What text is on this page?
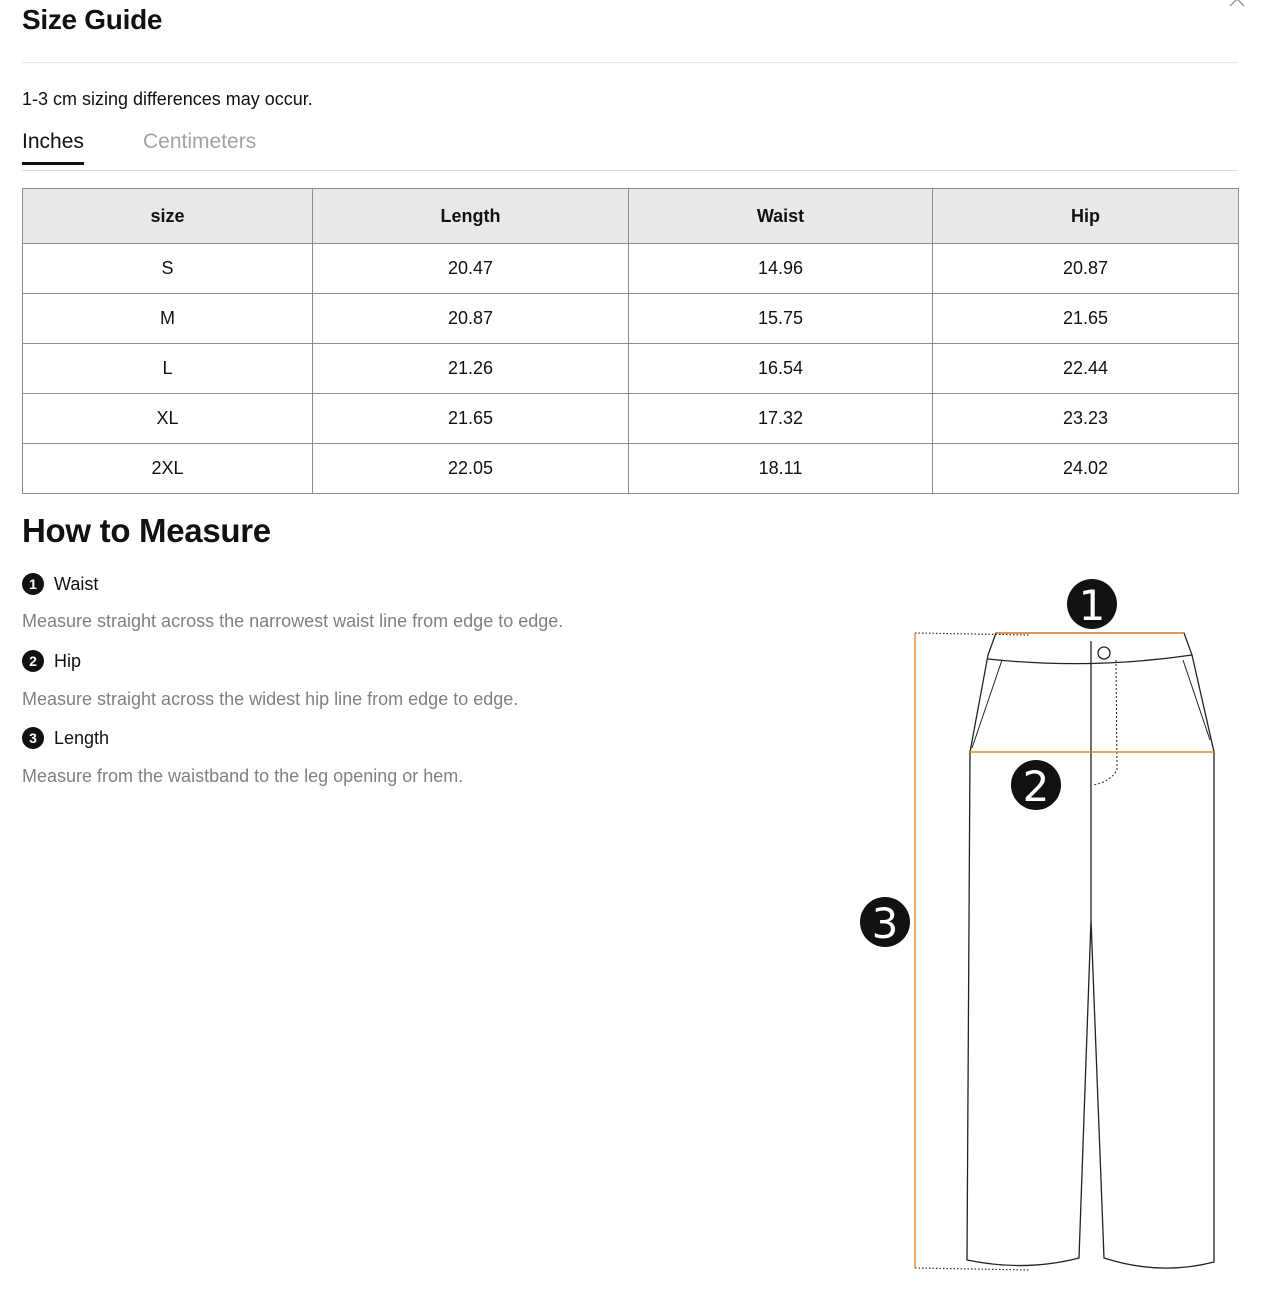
Size Guide
1-3 cm sizing differences may occur.
Inches	Centimeters
size	Length	Waist	Hip
S	20.47	14.96	20.87
M	20.87	15.75	21.65
L	21.26	16.54	22.44
XL	21.65	17.32	23.23
2XL	22.05	18.11	24.02
How to Measure
1 Waist
Measure straight across the narrowest waist line from edge to edge.
2 Hip
Measure straight across the widest hip line from edge to edge.
3 Length
Measure from the waistband to the leg opening or hem.
1
2
3
